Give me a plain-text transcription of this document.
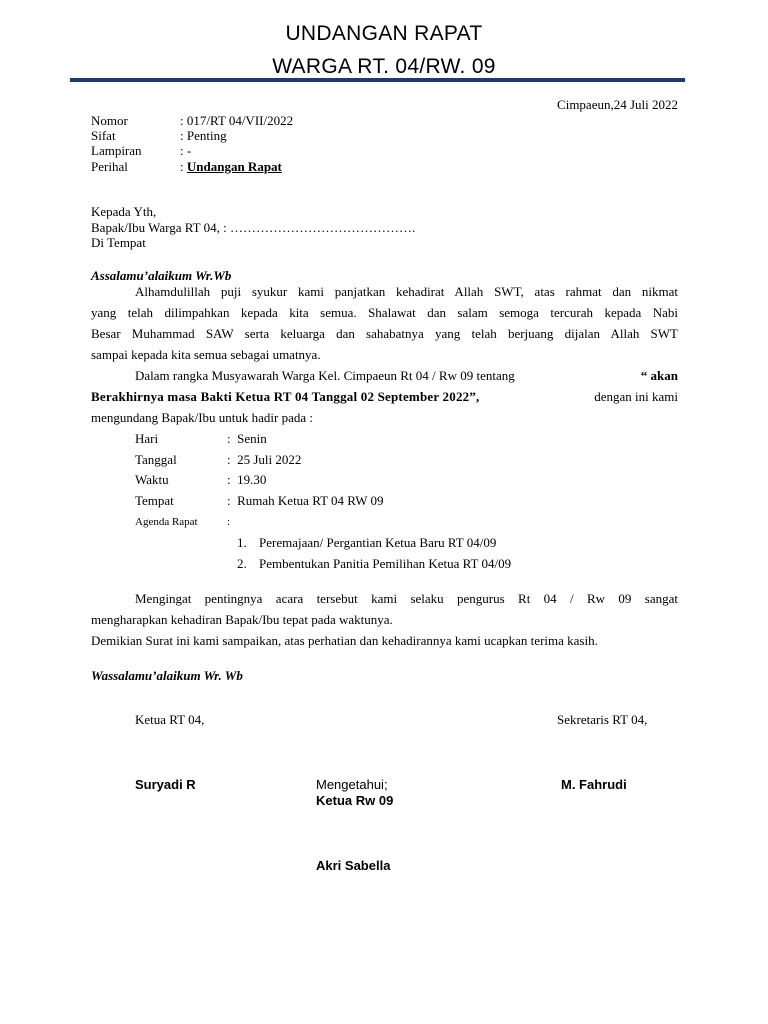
UNDANGAN RAPAT
WARGA RT. 04/RW. 09
Cimpaeun,24 Juli 2022
Nomor	: 017/RT 04/VII/2022
Sifat	: Penting
Lampiran	: -
Perihal	: Undangan Rapat
Kepada Yth,
Bapak/Ibu Warga RT 04, : …………………………………….
Di Tempat
Assalamu’alaikum Wr.Wb
Alhamdulillah puji syukur kami panjatkan kehadirat Allah SWT, atas rahmat dan nikmat
yang telah dilimpahkan kepada kita semua. Shalawat dan salam semoga tercurah kepada Nabi
Besar Muhammad SAW serta keluarga dan sahabatnya yang telah berjuang dijalan Allah SWT
sampai kepada kita semua sebagai umatnya.
Dalam rangka Musyawarah Warga Kel. Cimpaeun Rt 04 / Rw 09 tentang	“ akan
Berakhirnya masa Bakti Ketua RT 04 Tanggal 02 September 2022”,	dengan ini kami
mengundang Bapak/Ibu untuk hadir pada :
Hari	:  Senin
Tanggal	:  25 Juli 2022
Waktu	:  19.30
Tempat	:  Rumah Ketua RT 04 RW 09
Agenda Rapat	:
1. Peremajaan/ Pergantian Ketua Baru RT 04/09
2. Pembentukan Panitia Pemilihan Ketua RT 04/09
Mengingat pentingnya acara tersebut kami selaku pengurus Rt 04 / Rw 09 sangat
mengharapkan kehadiran Bapak/Ibu tepat pada waktunya.
Demikian Surat ini kami sampaikan, atas perhatian dan kehadirannya kami ucapkan terima kasih.
Wassalamu’alaikum Wr. Wb
Ketua RT 04,	Sekretaris RT 04,
Suryadi R	Mengetahui;
Ketua Rw 09
M. Fahrudi
Akri Sabella
